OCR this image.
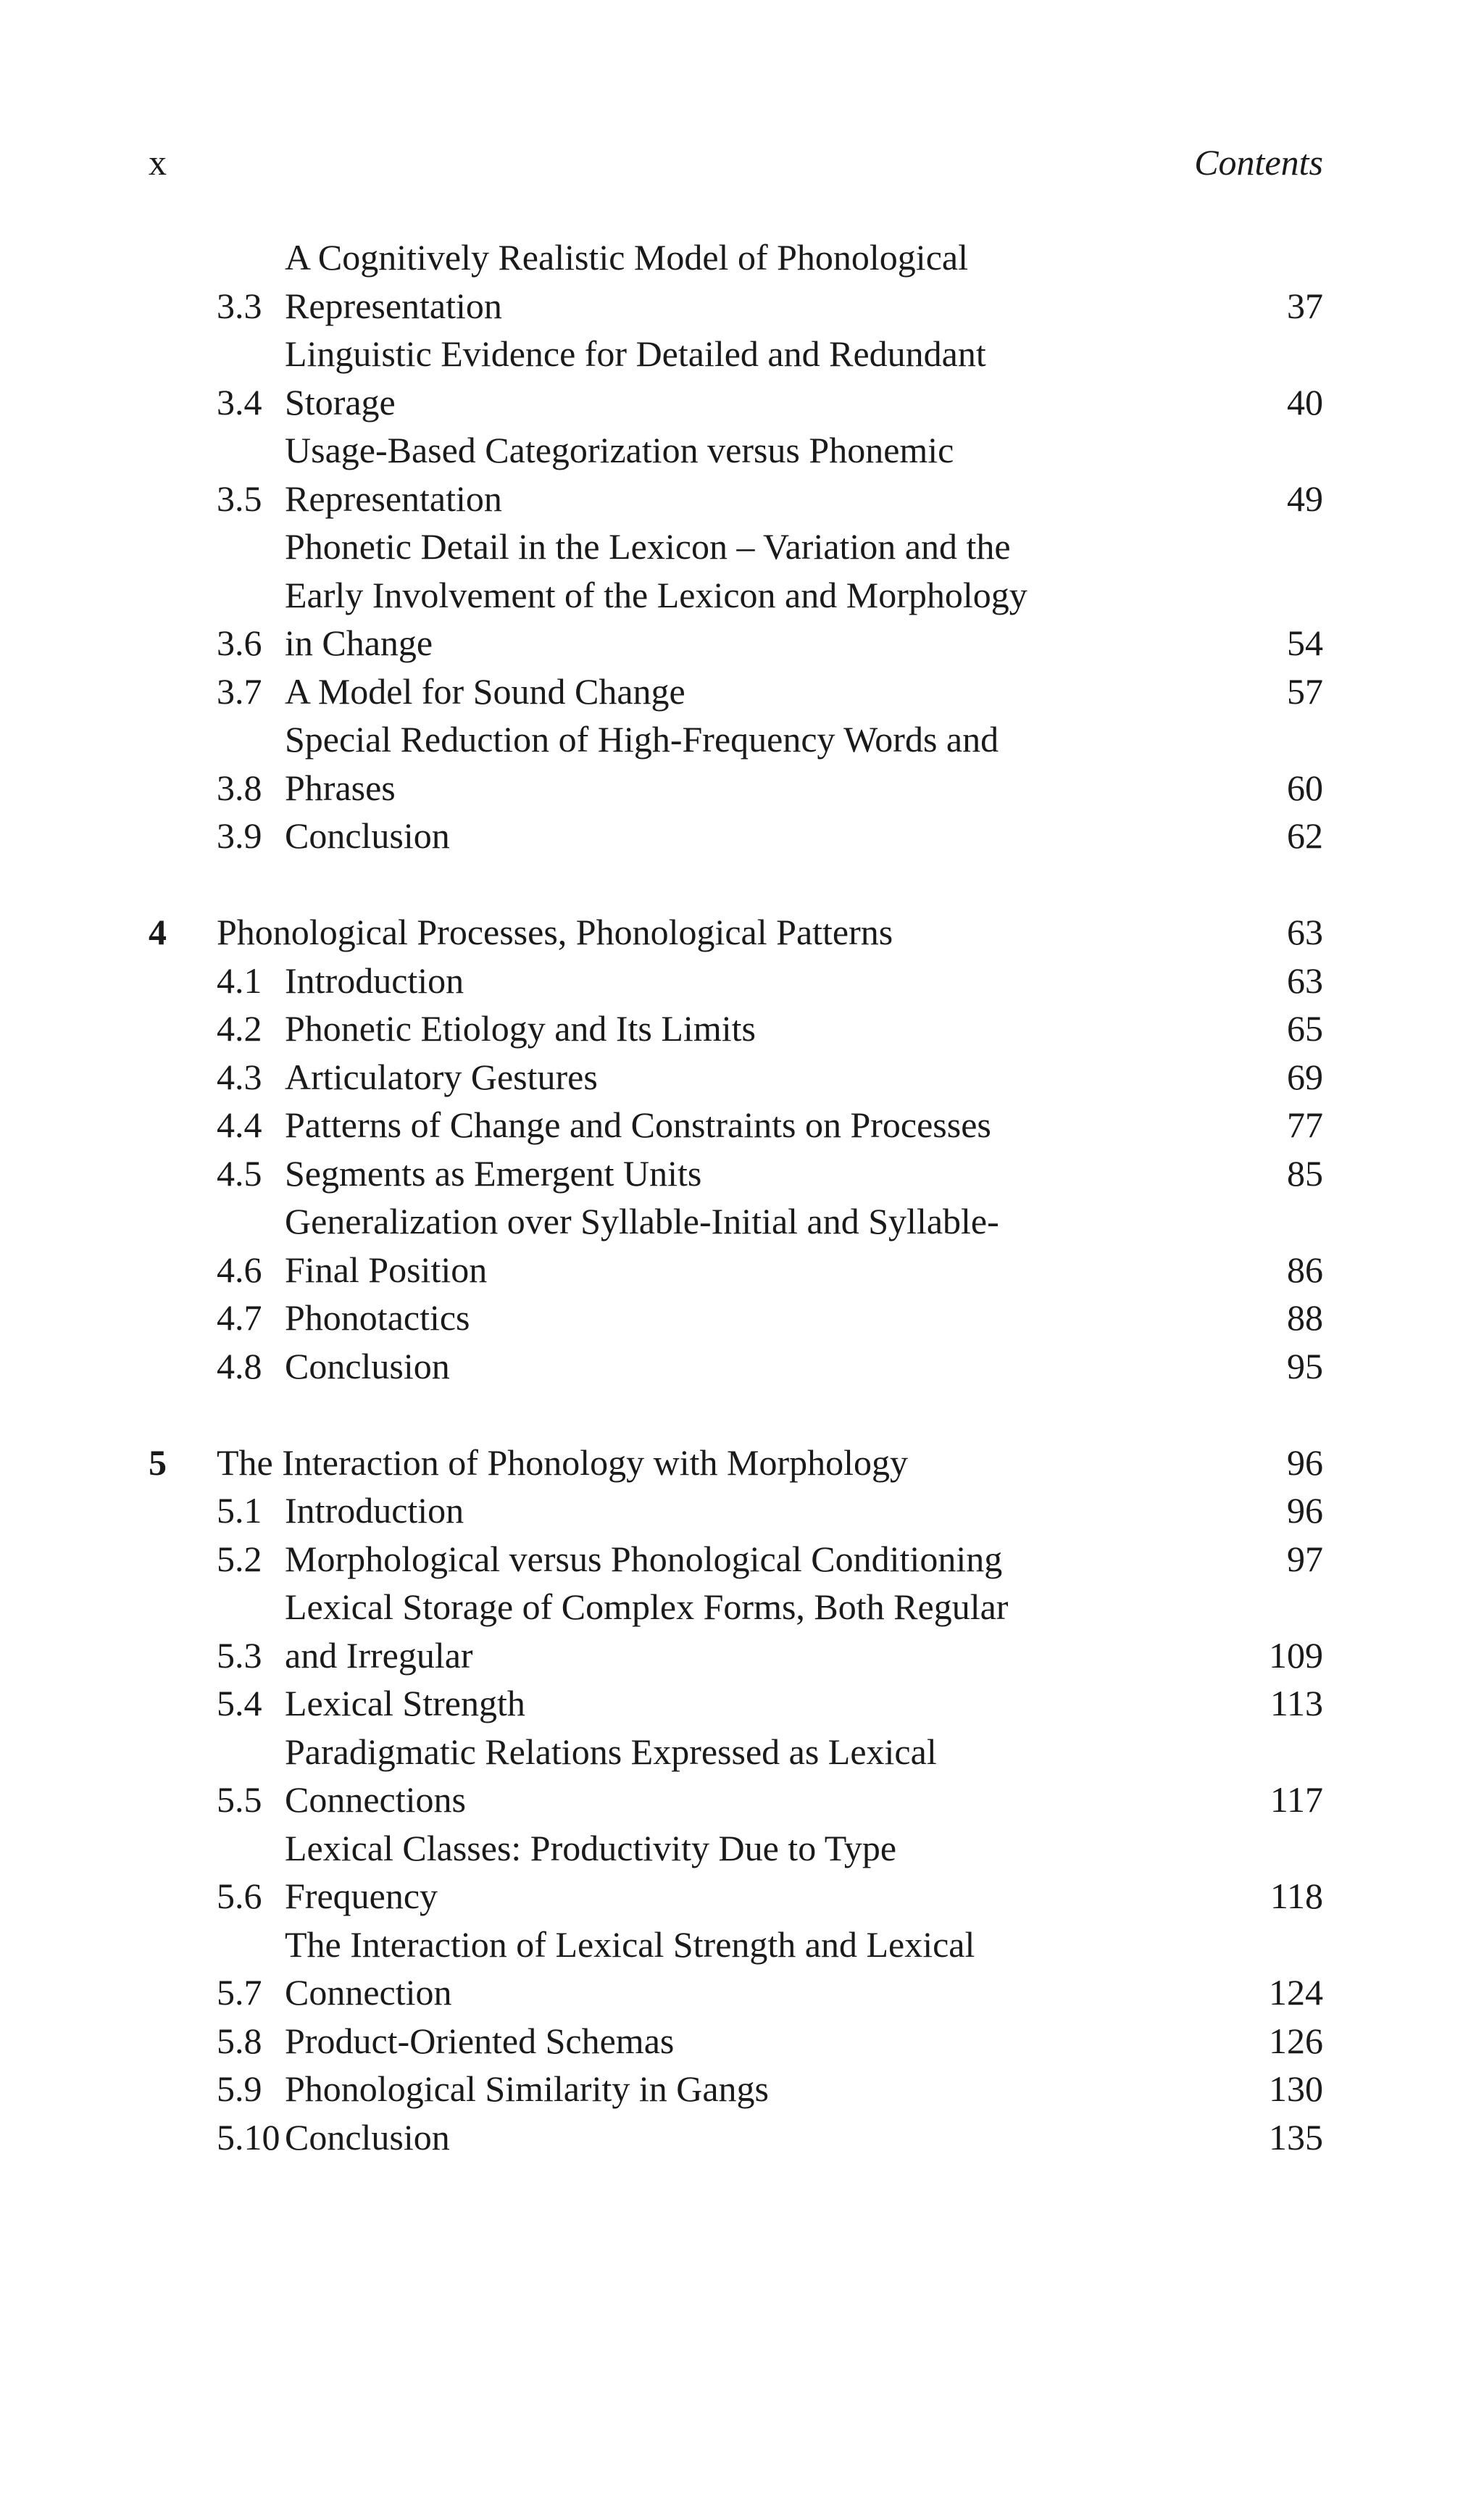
x	Contents
3.3
A Cognitively Realistic Model of Phonological
Representation	37
3.4
Linguistic Evidence for Detailed and Redundant
Storage	40
3.5
Usage-Based Categorization versus Phonemic
Representation	49
3.6
Phonetic Detail in the Lexicon – Variation and the
Early Involvement of the Lexicon and Morphology
in Change	54
3.7 A Model for Sound Change	57
3.8
Special Reduction of High-Frequency Words and
Phrases	60
3.9 Conclusion	62
4	Phonological Processes, Phonological Patterns	63
4.1 Introduction	63
4.2 Phonetic Etiology and Its Limits	65
4.3 Articulatory Gestures	69
4.4 Patterns of Change and Constraints on Processes	77
4.5 Segments as Emergent Units	85
4.6
Generalization over Syllable-Initial and Syllable-
Final Position	86
4.7 Phonotactics	88
4.8 Conclusion	95
5	The Interaction of Phonology with Morphology	96
5.1 Introduction	96
5.2 Morphological versus Phonological Conditioning	97
5.3
Lexical Storage of Complex Forms, Both Regular
and Irregular	109
5.4 Lexical Strength	113
5.5
Paradigmatic Relations Expressed as Lexical
Connections	117
5.6
Lexical Classes: Productivity Due to Type
Frequency	118
5.7
The Interaction of Lexical Strength and Lexical
Connection	124
5.8 Product-Oriented Schemas	126
5.9 Phonological Similarity in Gangs	130
5.10 Conclusion	135
